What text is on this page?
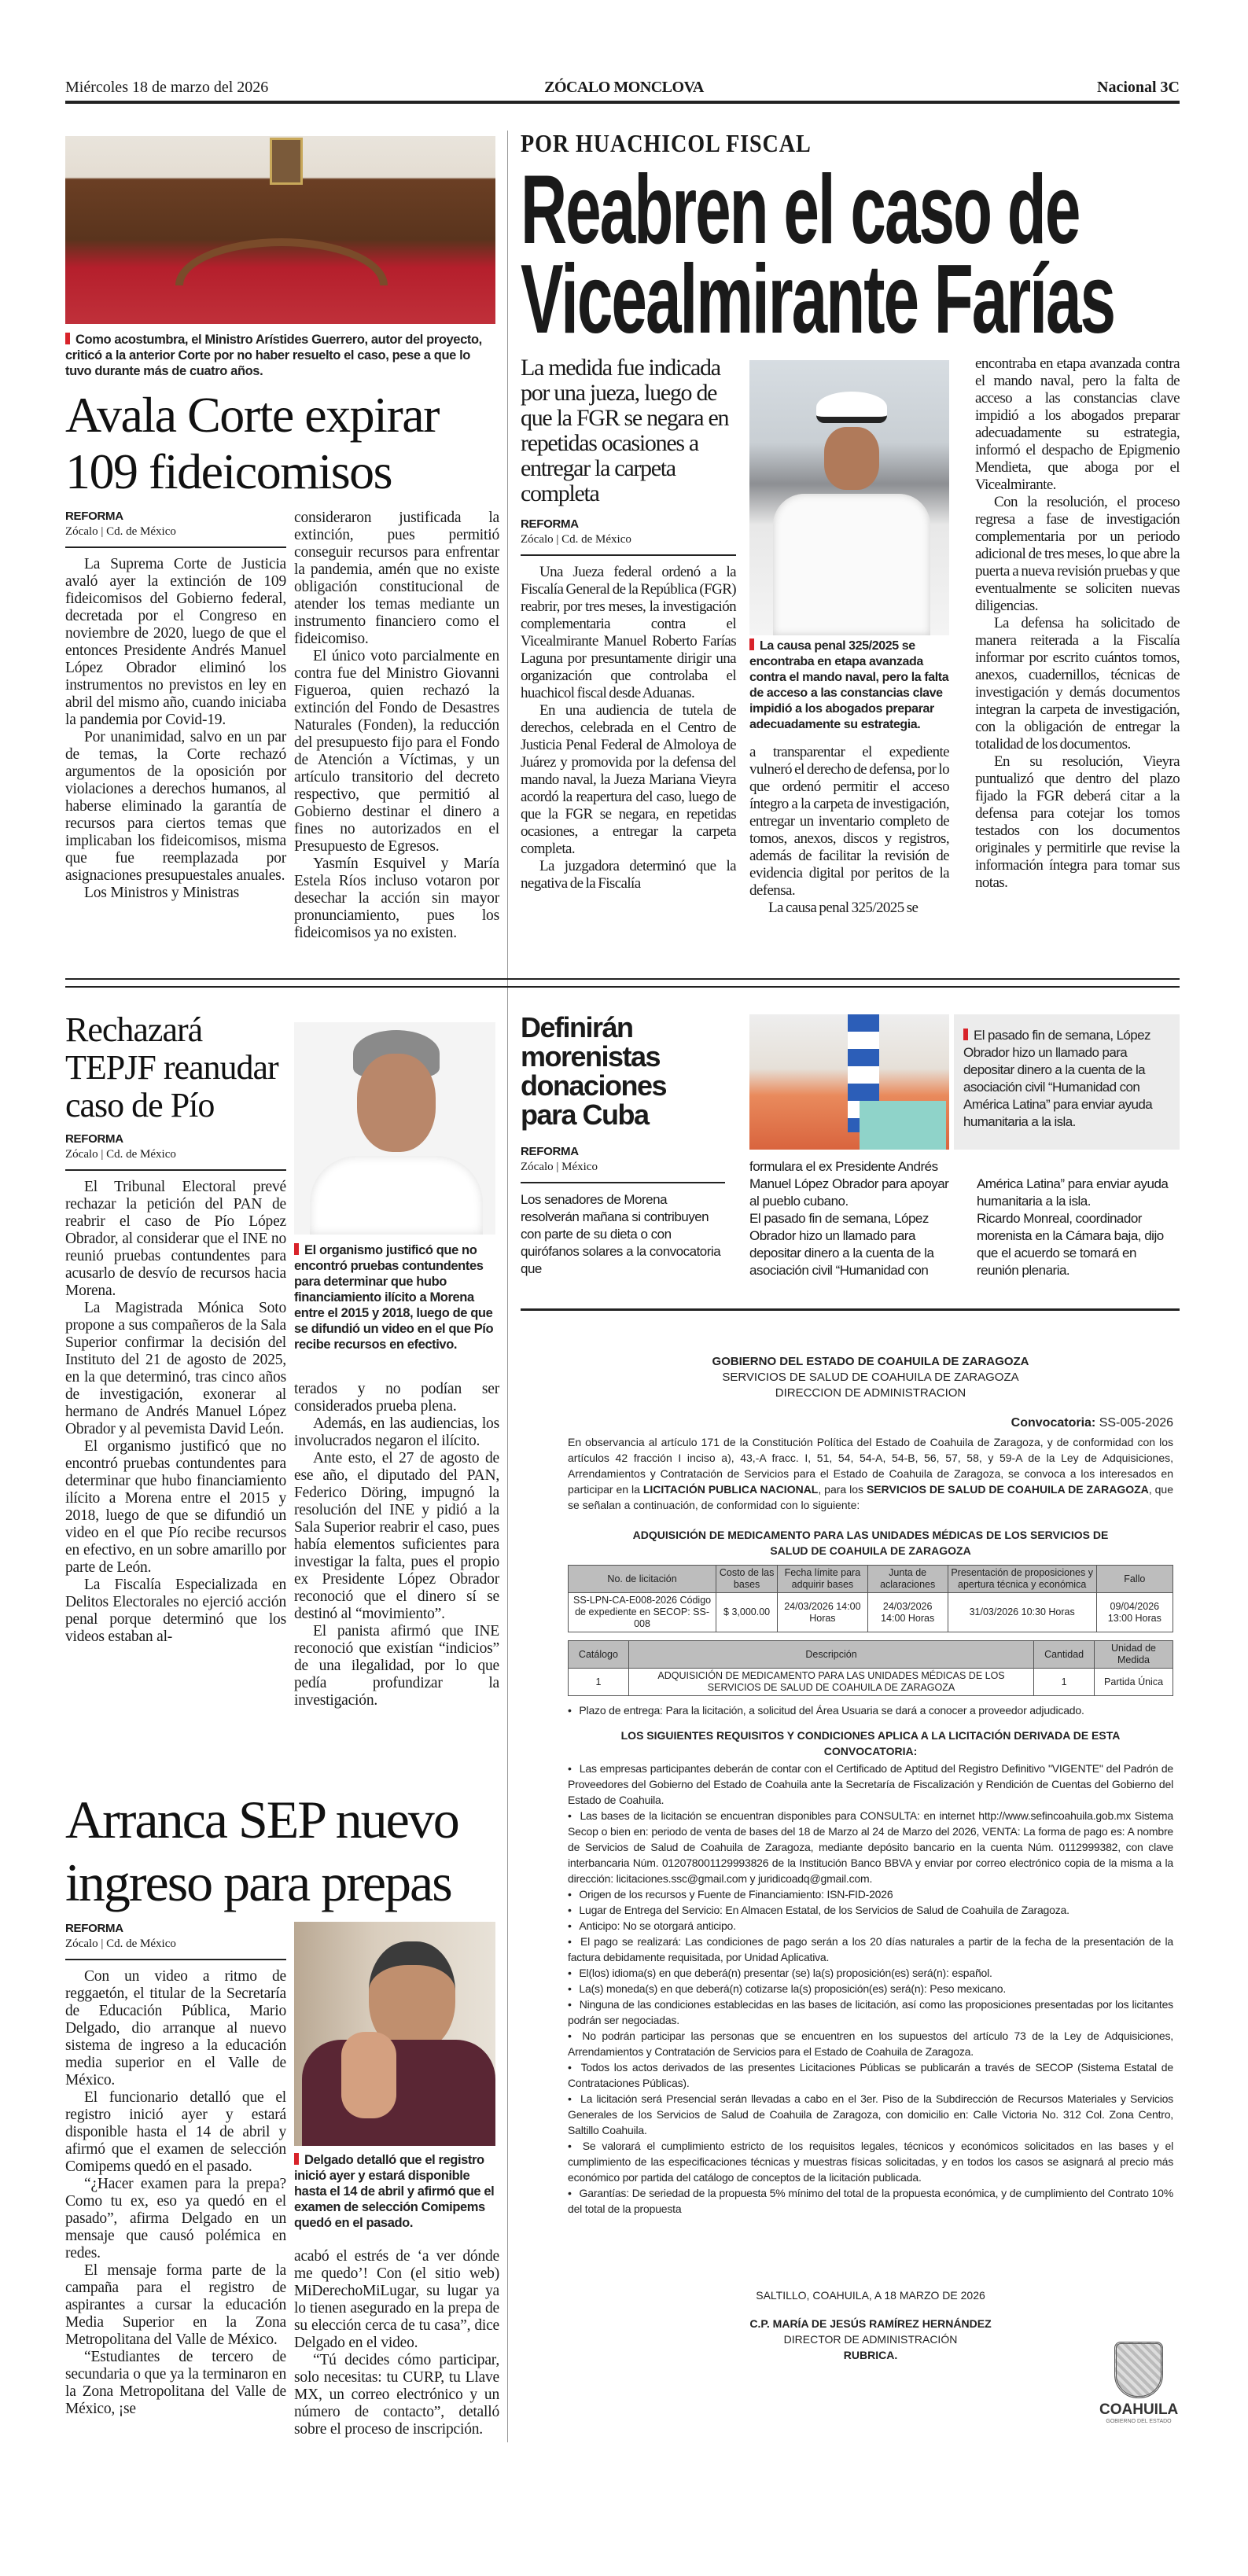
Miércoles 18 de marzo del 2026	ZÓCALO MONCLOVA	Nacional 3C
Como acostumbra, el Ministro Arístides Guerrero, autor del proyecto, criticó a la anterior Corte por no haber resuelto el caso, pese a que lo tuvo durante más de cuatro años.
Avala Corte expirar 109 fideicomisos
REFORMA
Zócalo | Cd. de México

La Suprema Corte de Justicia avaló ayer la extinción de 109 fideicomisos del Gobierno federal, decretada por el Congreso en noviembre de 2020, luego de que el entonces Presidente Andrés Manuel López Obrador eliminó los instrumentos no previstos en ley en abril del mismo año, cuando iniciaba la pandemia por Covid-19.

Por unanimidad, salvo en un par de temas, la Corte rechazó argumentos de la oposición por violaciones a derechos humanos, al haberse eliminado la garantía de recursos para ciertos temas que implicaban los fideicomisos, misma que fue reemplazada por asignaciones presupuestales anuales.

Los Ministros y Ministras

consideraron justificada la extinción, pues permitió conseguir recursos para enfrentar la pandemia, amén que no existe obligación constitucional de atender los temas mediante un instrumento financiero como el fideicomiso.

El único voto parcialmente en contra fue del Ministro Giovanni Figueroa, quien rechazó la extinción del Fondo de Desastres Naturales (Fonden), la reducción del presupuesto fijo para el Fondo de Atención a Víctimas, y un artículo transitorio del decreto respectivo, que permitió al Gobierno destinar el dinero a fines no autorizados en el Presupuesto de Egresos.

Yasmín Esquivel y María Estela Ríos incluso votaron por desechar la acción sin mayor pronunciamiento, pues los fideicomisos ya no existen.

POR HUACHICOL FISCAL
Reabren el caso de
Vicealmirante Farías
La medida fue indicada por una jueza, luego de que la FGR se negara en repetidas ocasiones a entregar la carpeta completa
REFORMA
Zócalo | Cd. de México

Una Jueza federal ordenó a la Fiscalía General de la República (FGR) reabrir, por tres meses, la investigación complementaria contra el Vicealmirante Manuel Roberto Farías Laguna por presuntamente dirigir una organización que controlaba el huachicol fiscal desde Aduanas.

En una audiencia de tutela de derechos, celebrada en el Centro de Justicia Penal Federal de Almoloya de Juárez y promovida por la defensa del mando naval, la Jueza Mariana Vieyra acordó la reapertura del caso, luego de que la FGR se negara, en repetidas ocasiones, a entregar la carpeta completa.

La juzgadora determinó que la negativa de la Fiscalía

La causa penal 325/2025 se encontraba en etapa avanzada contra el mando naval, pero la falta de acceso a las constancias clave impidió a los abogados preparar adecuadamente su estrategia.

a transparentar el expediente vulneró el derecho de defensa, por lo que ordenó permitir el acceso íntegro a la carpeta de investigación, entregar un inventario completo de tomos, anexos, discos y registros, además de facilitar la revisión de evidencia digital por peritos de la defensa.

La causa penal 325/2025 se

encontraba en etapa avanzada contra el mando naval, pero la falta de acceso a las constancias clave impidió a los abogados preparar adecuadamente su estrategia, informó el despacho de Epigmenio Mendieta, que aboga por el Vicealmirante.

Con la resolución, el proceso regresa a fase de investigación complementaria por un periodo adicional de tres meses, lo que abre la puerta a nueva revisión pruebas y que eventualmente se soliciten nuevas diligencias.

La defensa ha solicitado de manera reiterada a la Fiscalía informar por escrito cuántos tomos, anexos, cuadernillos, técnicas de investigación y demás documentos integran la carpeta de investigación, con la obligación de entregar la totalidad de los documentos.

En su resolución, Vieyra puntualizó que dentro del plazo fijado la FGR deberá citar a la defensa para cotejar los tomos testados con los documentos originales y permitirle que revise la información íntegra para tomar sus notas.

Rechazará TEPJF reanudar caso de Pío
REFORMA
Zócalo | Cd. de México

El Tribunal Electoral prevé rechazar la petición del PAN de reabrir el caso de Pío López Obrador, al considerar que el INE no reunió pruebas contundentes para acusarlo de desvío de recursos hacia Morena.

La Magistrada Mónica Soto propone a sus compañeros de la Sala Superior confirmar la decisión del Instituto del 21 de agosto de 2025, en la que determinó, tras cinco años de investigación, exonerar al hermano de Andrés Manuel López Obrador y al pevemista David León.

El organismo justificó que no encontró pruebas contundentes para determinar que hubo financiamiento ilícito a Morena entre el 2015 y 2018, luego de que se difundió un video en el que Pío recibe recursos en efectivo, en un sobre amarillo por parte de León.

La Fiscalía Especializada en Delitos Electorales no ejerció acción penal porque determinó que los videos estaban al-

El organismo justificó que no encontró pruebas contundentes para determinar que hubo financiamiento ilícito a Morena entre el 2015 y 2018, luego de que se difundió un video en el que Pío recibe recursos en efectivo.

terados y no podían ser considerados prueba plena.

Además, en las audiencias, los involucrados negaron el ilícito.

Ante esto, el 27 de agosto de ese año, el diputado del PAN, Federico Döring, impugnó la resolución del INE y pidió a la Sala Superior reabrir el caso, pues había elementos suficientes para investigar la falta, pues el propio ex Presidente López Obrador reconoció que el dinero sí se destinó al “movimiento”.

El panista afirmó que INE reconoció que existían “indicios” de una ilegalidad, por lo que pedía profundizar la investigación.

Definirán morenistas donaciones para Cuba
REFORMA
Zócalo | México

Los senadores de Morena resolverán mañana si contribuyen con parte de su dieta o con quirófanos solares a la convocatoria que

El pasado fin de semana, López Obrador hizo un llamado para depositar dinero a la cuenta de la asociación civil “Humanidad con América Latina” para enviar ayuda humanitaria a la isla.

formulara el ex Presidente Andrés Manuel López Obrador para apoyar al pueblo cubano.

El pasado fin de semana, López Obrador hizo un llamado para depositar dinero a la cuenta de la asociación civil “Humanidad con

América Latina” para enviar ayuda humanitaria a la isla.

Ricardo Monreal, coordinador morenista en la Cámara baja, dijo que el acuerdo se tomará en reunión plenaria.

GOBIERNO DEL ESTADO DE COAHUILA DE ZARAGOZA
SERVICIOS DE SALUD DE COAHUILA DE ZARAGOZA
DIRECCION DE ADMINISTRACION
Convocatoria: SS-005-2026
En observancia al artículo 171 de la Constitución Política del Estado de Coahuila de Zaragoza, y de conformidad con los artículos 42 fracción I inciso a), 43,-A fracc. I, 51, 54, 54-A, 54-B, 56, 57, 58, y 59-A de la Ley de Adquisiciones, Arrendamientos y Contratación de Servicios para el Estado de Coahuila de Zaragoza, se convoca a los interesados en participar en la LICITACIÓN PUBLICA NACIONAL, para los SERVICIOS DE SALUD DE COAHUILA DE ZARAGOZA, que se señalan a continuación, de conformidad con lo siguiente:
ADQUISICIÓN DE MEDICAMENTO PARA LAS UNIDADES MÉDICAS DE LOS SERVICIOS DE SALUD DE COAHUILA DE ZARAGOZA
No. de licitación	Costo de las bases	Fecha límite para adquirir bases	Junta de aclaraciones	Presentación de proposiciones y apertura técnica y económica	Fallo
SS-LPN-CA-E008-2026 Código de expediente en SECOP: SS-008	$ 3,000.00	24/03/2026 14:00 Horas	24/03/2026 14:00 Horas	31/03/2026 10:30 Horas	09/04/2026 13:00 Horas
Catálogo	Descripción	Cantidad	Unidad de Medida
1	ADQUISICIÓN DE MEDICAMENTO PARA LAS UNIDADES MÉDICAS DE LOS SERVICIOS DE SALUD DE COAHUILA DE ZARAGOZA	1	Partida Única
• Plazo de entrega: Para la licitación, a solicitud del Área Usuaria se dará a conocer a proveedor adjudicado.
LOS SIGUIENTES REQUISITOS Y CONDICIONES APLICA A LA LICITACIÓN DERIVADA DE ESTA CONVOCATORIA:
• Las empresas participantes deberán de contar con el Certificado de Aptitud del Registro Definitivo "VIGENTE" del Padrón de Proveedores del Gobierno del Estado de Coahuila ante la Secretaría de Fiscalización y Rendición de Cuentas del Gobierno del Estado de Coahuila.
• Las bases de la licitación se encuentran disponibles para CONSULTA: en internet http://www.sefincoahuila.gob.mx Sistema Secop o bien en: periodo de venta de bases del 18 de Marzo al 24 de Marzo del 2026, VENTA: La forma de pago es: A nombre de Servicios de Salud de Coahuila de Zaragoza, mediante depósito bancario en la cuenta Núm. 0112999382, con clave interbancaria Núm. 012078001129993826 de la Institución Banco BBVA y enviar por correo electrónico copia de la misma a la dirección: licitaciones.ssc@gmail.com y juridicoadq@gmail.com.
• Origen de los recursos y Fuente de Financiamiento: ISN-FID-2026
• Lugar de Entrega del Servicio: En Almacen Estatal, de los Servicios de Salud de Coahuila de Zaragoza.
• Anticipo: No se otorgará anticipo.
• El pago se realizará: Las condiciones de pago serán a los 20 días naturales a partir de la fecha de la presentación de la factura debidamente requisitada, por Unidad Aplicativa.
• El(los) idioma(s) en que deberá(n) presentar (se) la(s) proposición(es) será(n): español.
• La(s) moneda(s) en que deberá(n) cotizarse la(s) proposición(es) será(n): Peso mexicano.
• Ninguna de las condiciones establecidas en las bases de licitación, así como las proposiciones presentadas por los licitantes podrán ser negociadas.
• No podrán participar las personas que se encuentren en los supuestos del artículo 73 de la Ley de Adquisiciones, Arrendamientos y Contratación de Servicios para el Estado de Coahuila de Zaragoza.
• Todos los actos derivados de las presentes Licitaciones Públicas se publicarán a través de SECOP (Sistema Estatal de Contrataciones Públicas).
• La licitación será Presencial serán llevadas a cabo en el 3er. Piso de la Subdirección de Recursos Materiales y Servicios Generales de los Servicios de Salud de Coahuila de Zaragoza, con domicilio en: Calle Victoria No. 312 Col. Zona Centro, Saltillo Coahuila.
• Se valorará el cumplimiento estricto de los requisitos legales, técnicos y económicos solicitados en las bases y el cumplimiento de las especificaciones técnicas y muestras físicas solicitadas, y en todos los casos se asignará al precio más económico por partida del catálogo de conceptos de la licitación publicada.
• Garantías: De seriedad de la propuesta 5% mínimo del total de la propuesta económica, y de cumplimiento del Contrato 10% del total de la propuesta
SALTILLO, COAHUILA, A 18 MARZO DE 2026
C.P. MARÍA DE JESÚS RAMÍREZ HERNÁNDEZ
DIRECTOR DE ADMINISTRACIÓN
RUBRICA.
COAHUILA
GOBIERNO DEL ESTADO
Arranca SEP nuevo ingreso para prepas
REFORMA
Zócalo | Cd. de México

Con un video a ritmo de reggaetón, el titular de la Secretaría de Educación Pública, Mario Delgado, dio arranque al nuevo sistema de ingreso a la educación media superior en el Valle de México.

El funcionario detalló que el registro inició ayer y estará disponible hasta el 14 de abril y afirmó que el examen de selección Comipems quedó en el pasado.

“¿Hacer examen para la prepa? Como tu ex, eso ya quedó en el pasado”, afirma Delgado en un mensaje que causó polémica en redes.

El mensaje forma parte de la campaña para el registro de aspirantes a cursar la educación Media Superior en la Zona Metropolitana del Valle de México.

“Estudiantes de tercero de secundaria o que ya la terminaron en la Zona Metropolitana del Valle de México, ¡se

Delgado detalló que el registro inició ayer y estará disponible hasta el 14 de abril y afirmó que el examen de selección Comipems quedó en el pasado.

acabó el estrés de ‘a ver dónde me quedo’! Con (el sitio web) MiDerechoMiLugar, su lugar ya lo tienen asegurado en la prepa de su elección cerca de tu casa”, dice Delgado en el video.

“Tú decides cómo participar, solo necesitas: tu CURP, tu Llave MX, un correo electrónico y un número de contacto”, detalló sobre el proceso de inscripción.
